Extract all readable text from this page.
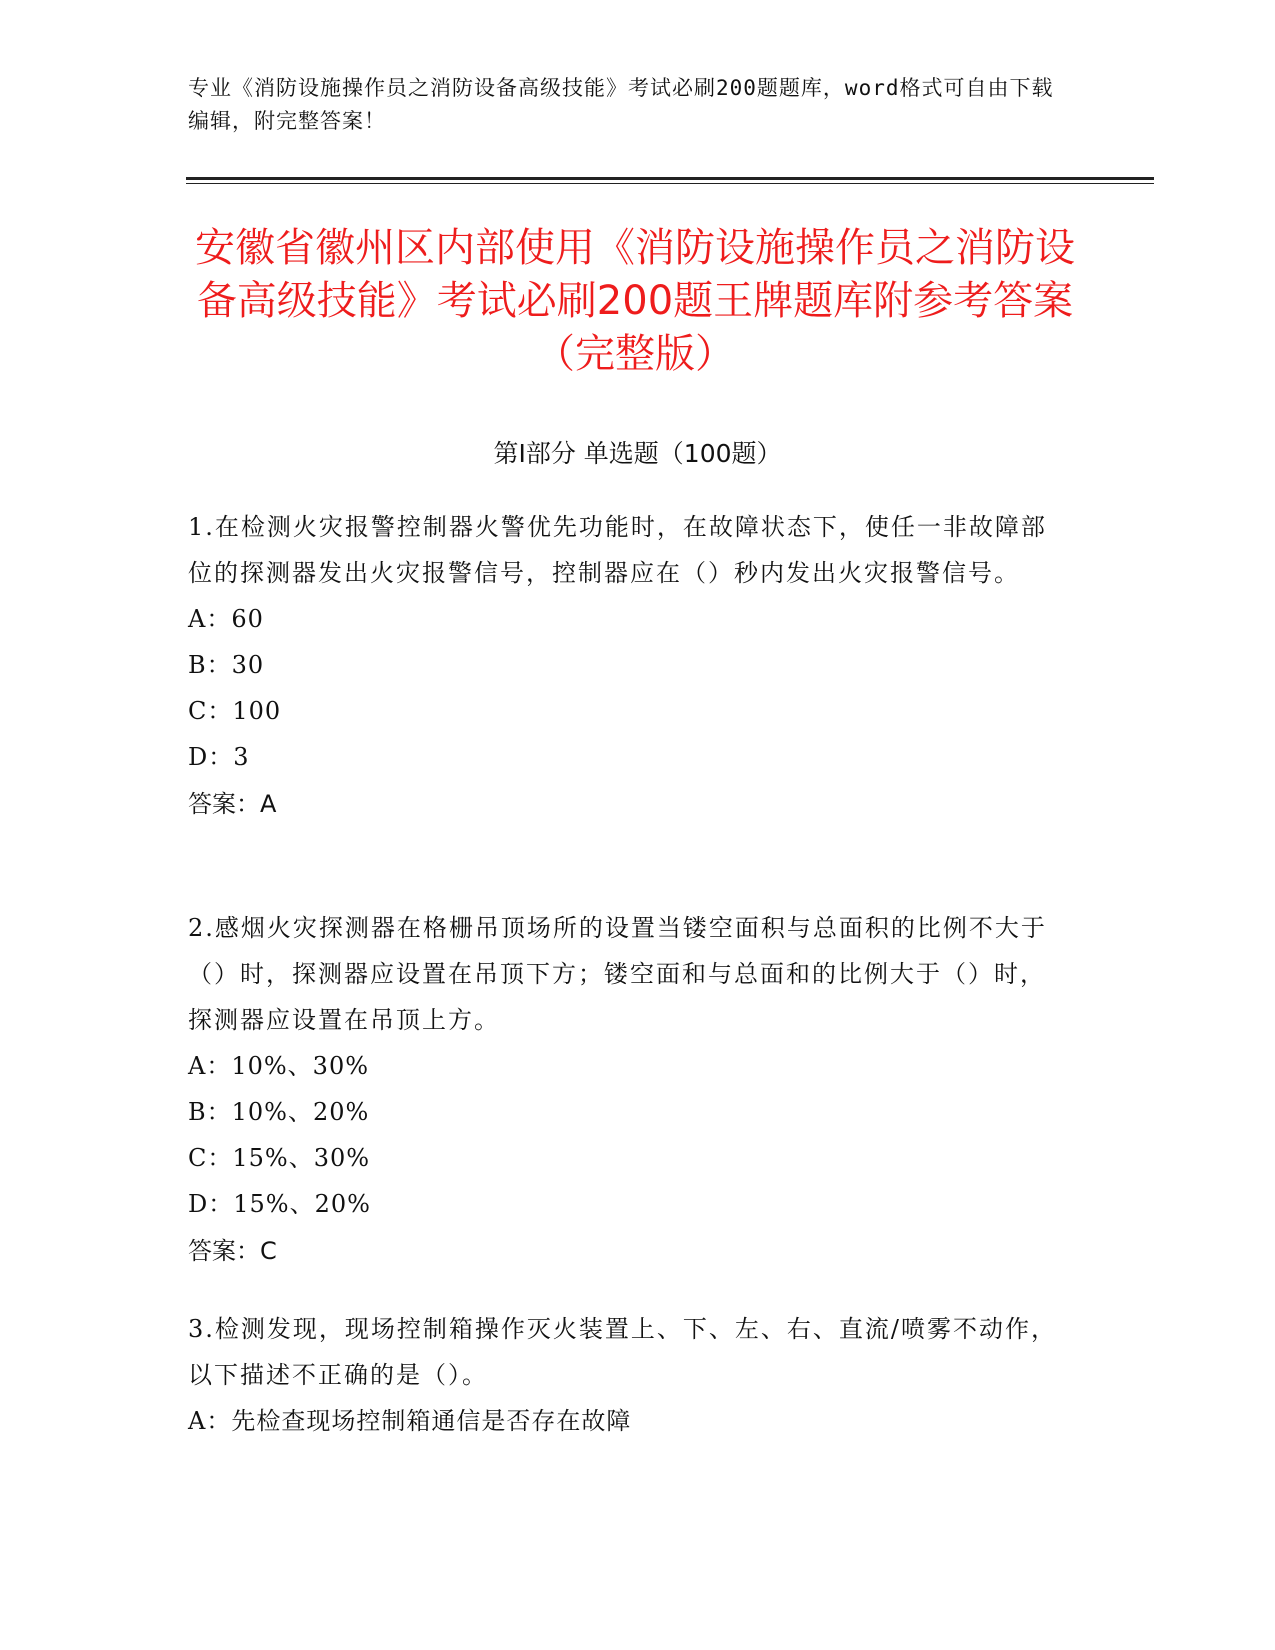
专业《消防设施操作员之消防设备高级技能》考试必刷200题题库，word格式可自由下载编辑，附完整答案！
安徽省徽州区内部使用《消防设施操作员之消防设备高级技能》考试必刷200题王牌题库附参考答案（完整版）
第Ⅰ部分 单选题（100题）

1.在检测火灾报警控制器火警优先功能时，在故障状态下，使任一非故障部位的探测器发出火灾报警信号，控制器应在（）秒内发出火灾报警信号。

A：60

B：30

C：100

D：3

答案：A

2.感烟火灾探测器在格栅吊顶场所的设置当镂空面积与总面积的比例不大于（）时，探测器应设置在吊顶下方；镂空面和与总面和的比例大于（）时，探测器应设置在吊顶上方。

A：10%、30%

B：10%、20%

C：15%、30%

D：15%、20%

答案：C

3.检测发现，现场控制箱操作灭火装置上、下、左、右、直流/喷雾不动作，以下描述不正确的是（）。

A：先检查现场控制箱通信是否存在故障
